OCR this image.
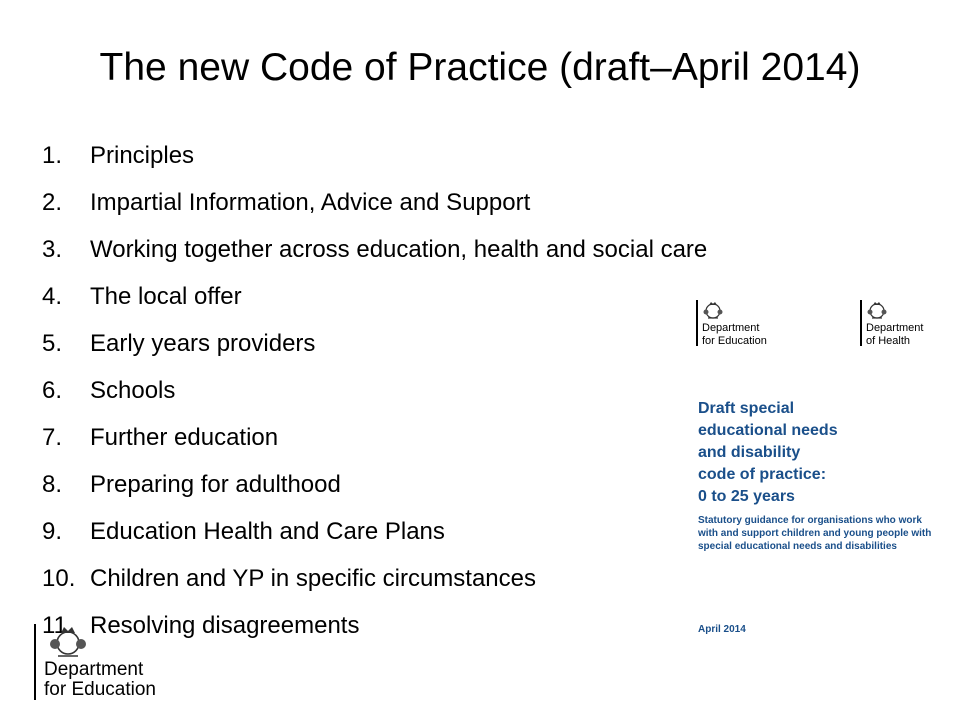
The new Code of Practice (draft–April 2014)
1. Principles
2. Impartial Information, Advice and Support
3. Working together across education, health and social care
4. The local offer
5. Early years providers
6. Schools
7. Further education
8. Preparing for adulthood
9. Education Health and Care Plans
10. Children and YP in specific circumstances
11. Resolving disagreements
Department
for Education
Department
of Health
Draft special
educational needs
and disability
code of practice:
0 to 25 years

Statutory guidance for organisations who work with and support children and young people with special educational needs and disabilities

April 2014

Department
for Education
